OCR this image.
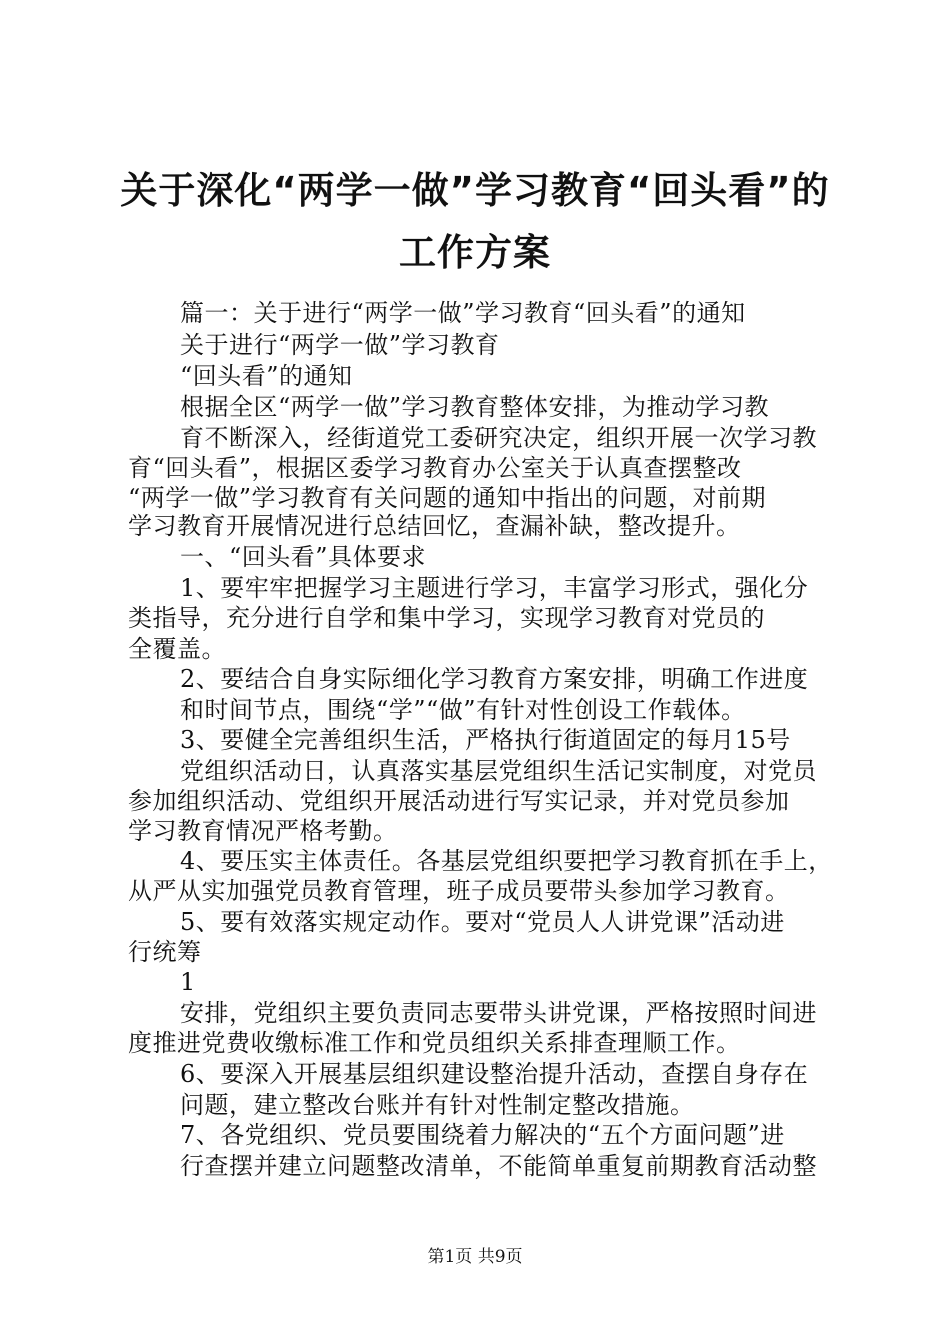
关于深化“两学一做”学习教育“回头看”的
工作方案
篇一：关于进行“两学一做”学习教育“回头看”的通知
关于进行“两学一做”学习教育
“回头看”的通知
根据全区“两学一做”学习教育整体安排，为推动学习教
育不断深入，经街道党工委研究决定，组织开展一次学习教
育“回头看”，根据区委学习教育办公室关于认真查摆整改
“两学一做”学习教育有关问题的通知中指出的问题，对前期
学习教育开展情况进行总结回忆，查漏补缺，整改提升。
一、“回头看”具体要求
1、要牢牢把握学习主题进行学习，丰富学习形式，强化分
类指导，充分进行自学和集中学习，实现学习教育对党员的
全覆盖。
2、要结合自身实际细化学习教育方案安排，明确工作进度
和时间节点，围绕“学”“做”有针对性创设工作载体。
3、要健全完善组织生活，严格执行街道固定的每月15号
党组织活动日，认真落实基层党组织生活记实制度，对党员
参加组织活动、党组织开展活动进行写实记录，并对党员参加
学习教育情况严格考勤。
4、要压实主体责任。各基层党组织要把学习教育抓在手上，
从严从实加强党员教育管理，班子成员要带头参加学习教育。
5、要有效落实规定动作。要对“党员人人讲党课”活动进
行统筹
1
安排，党组织主要负责同志要带头讲党课，严格按照时间进
度推进党费收缴标准工作和党员组织关系排查理顺工作。
6、要深入开展基层组织建设整治提升活动，查摆自身存在
问题，建立整改台账并有针对性制定整改措施。
7、各党组织、党员要围绕着力解决的“五个方面问题”进
行查摆并建立问题整改清单，不能简单重复前期教育活动整
第1页 共9页
